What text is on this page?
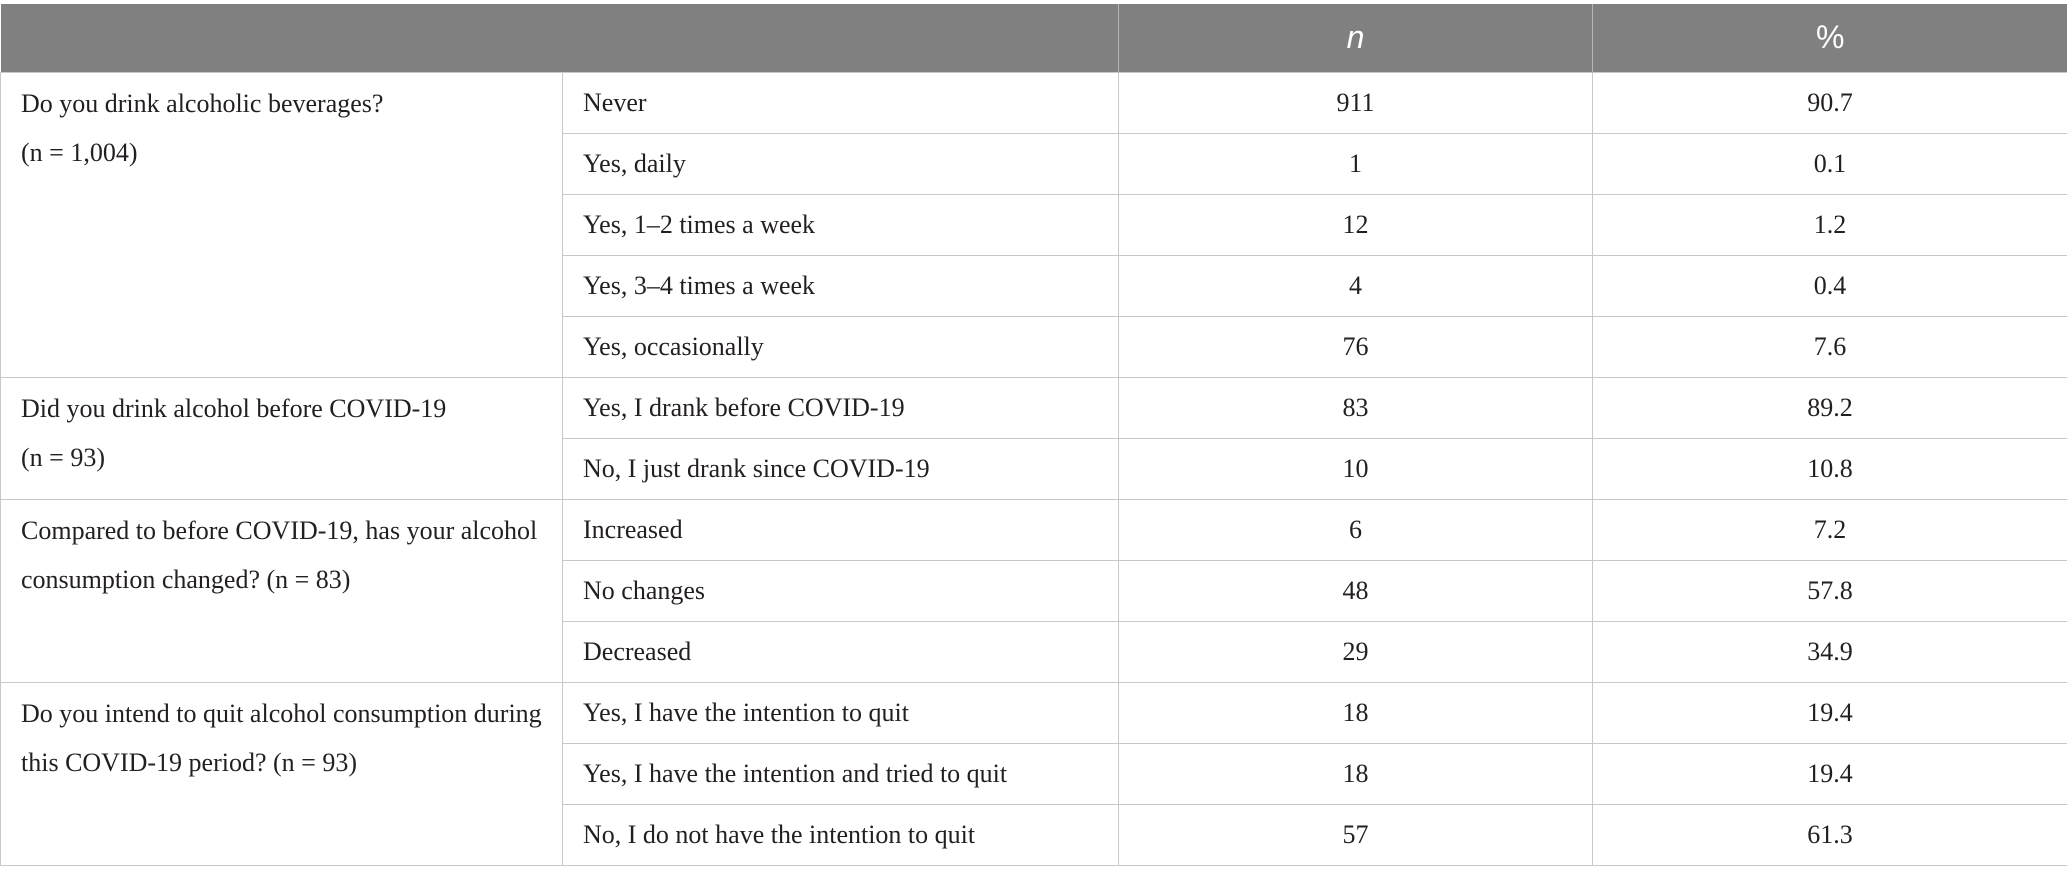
		n	%

Do you drink alcoholic beverages?
(n = 1,004)	Never	911	90.7
	Yes, daily	1	0.1
	Yes, 1–2 times a week	12	1.2
	Yes, 3–4 times a week	4	0.4
	Yes, occasionally	76	7.6

Did you drink alcohol before COVID-19
(n = 93)	Yes, I drank before COVID-19	83	89.2
	No, I just drank since COVID-19	10	10.8

Compared to before COVID-19, has your alcohol consumption changed? (n = 83)	Increased	6	7.2
	No changes	48	57.8
	Decreased	29	34.9

Do you intend to quit alcohol consumption during this COVID-19 period? (n = 93)	Yes, I have the intention to quit	18	19.4
	Yes, I have the intention and tried to quit	18	19.4
	No, I do not have the intention to quit	57	61.3
